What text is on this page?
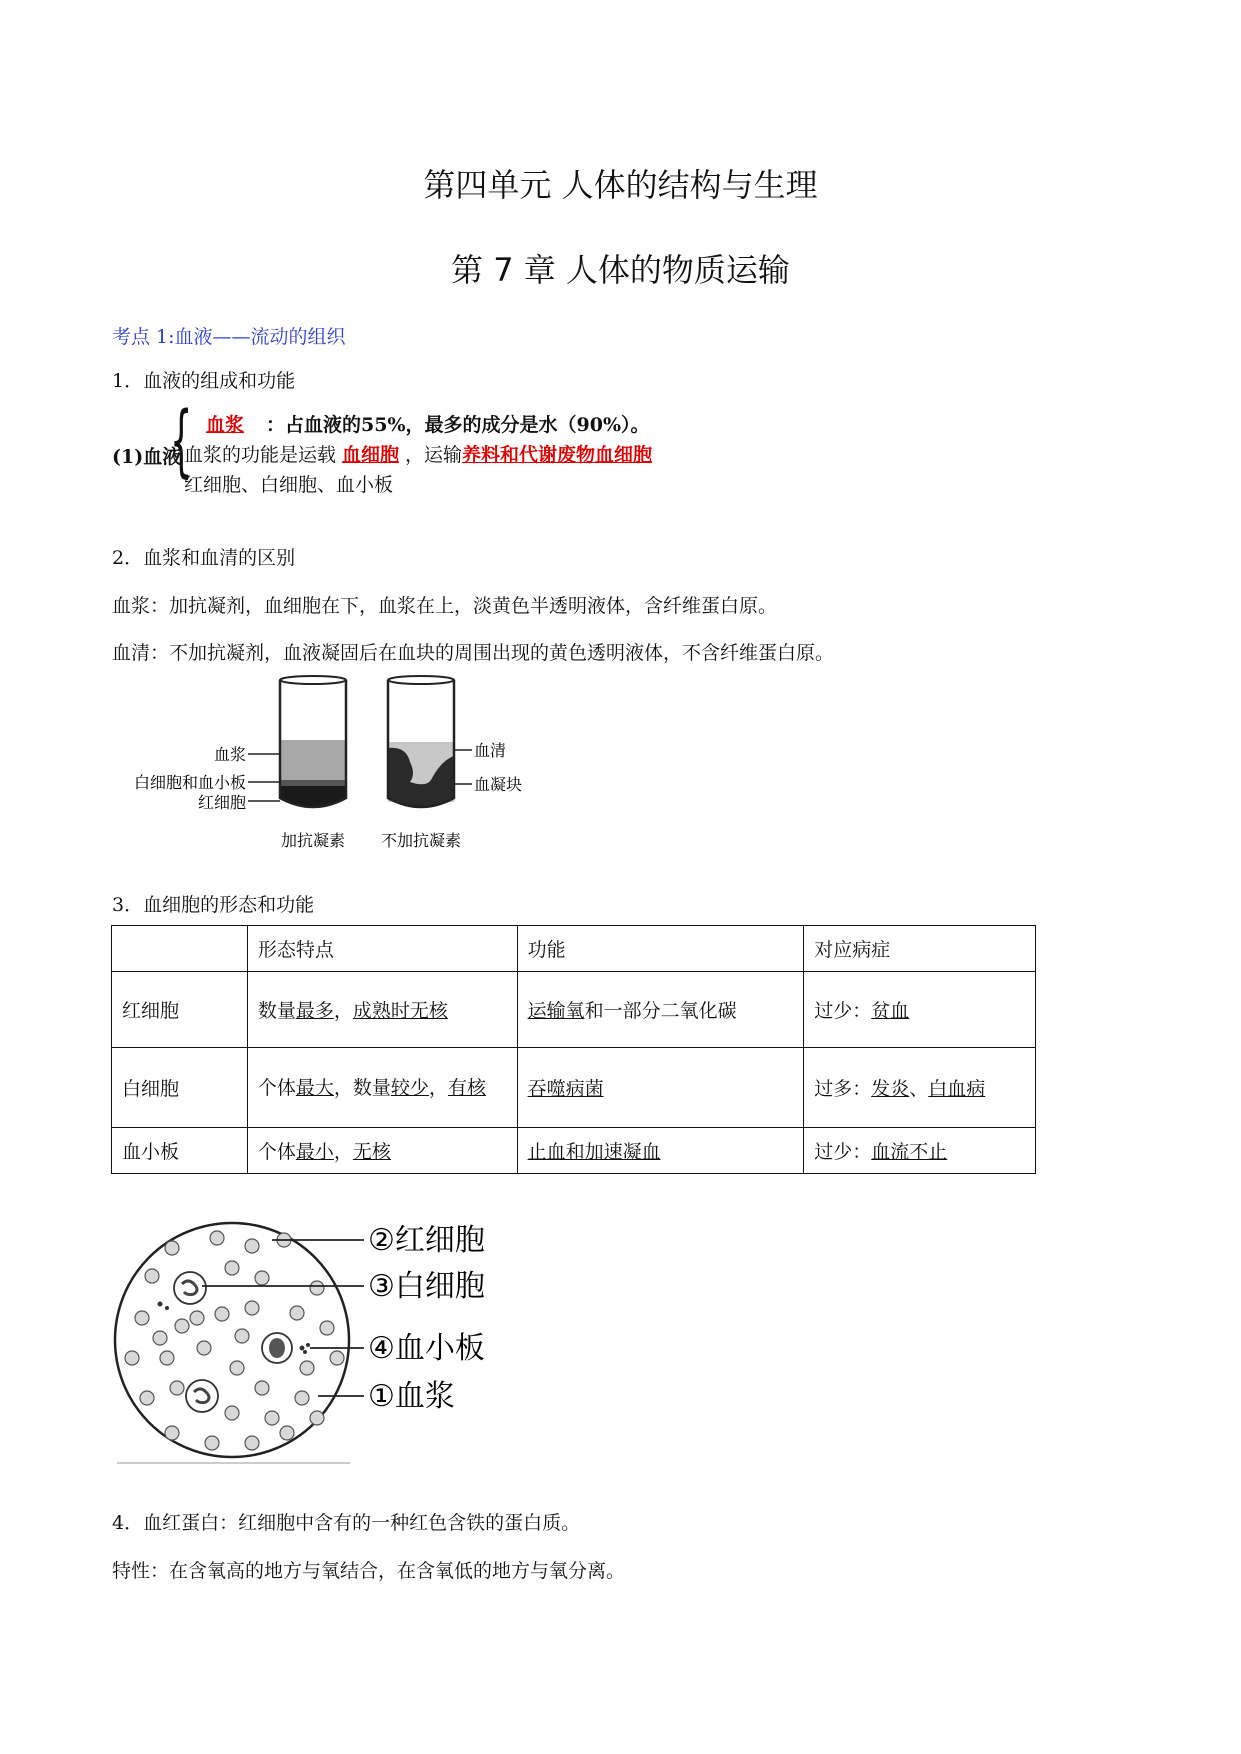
第四单元 人体的结构与生理
第 7 章 人体的物质运输
考点 1:血液——流动的组织
1．血液的组成和功能
(1)血液
{ 血浆 ：占血液的55%，最多的成分是水（90%）。
血浆的功能是运载 血细胞 ，运输养料和代谢废物血细胞
红细胞、白细胞、血小板
2．血浆和血清的区别
血浆：加抗凝剂，血细胞在下，血浆在上，淡黄色半透明液体，含纤维蛋白原。
血清：不加抗凝剂，血液凝固后在血块的周围出现的黄色透明液体，不含纤维蛋白原。
血浆
白细胞和血小板
红细胞
血清
血凝块
加抗凝素 不加抗凝素
3．血细胞的形态和功能
	形态特点	功能	对应病症
红细胞	数量最多，成熟时无核	运输氧和一部分二氧化碳	过少：贫血
白细胞	个体最大，数量较少，有核	吞噬病菌	过多：发炎、白血病
血小板	个体最小，无核	止血和加速凝血	过少：血流不止
②红细胞
③白细胞
④血小板
①血浆
4．血红蛋白：红细胞中含有的一种红色含铁的蛋白质。
特性：在含氧高的地方与氧结合，在含氧低的地方与氧分离。
